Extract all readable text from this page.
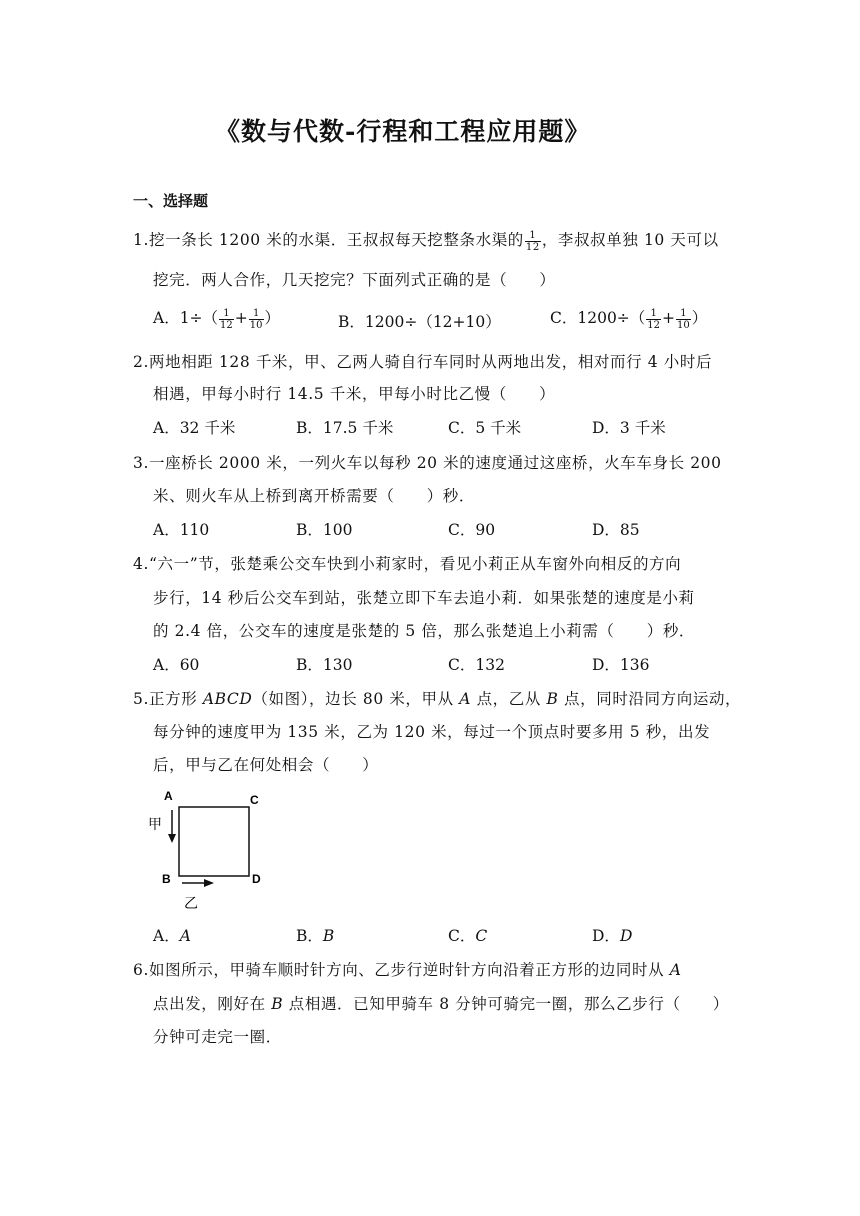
《数与代数-行程和工程应用题》
一、选择题
1.挖一条长 1200 米的水渠．王叔叔每天挖整条水渠的 $\frac{1}{12}$ ，李叔叔单独 10 天可以
挖完．两人合作，几天挖完？下面列式正确的是（　　）
A．$1\div( \frac{1}{12} + \frac{1}{10}$ ）	B．1200÷（12+10）	C．$1200\div( \frac{1}{12} + \frac{1}{10}$ ）
2.两地相距 128 千米，甲、乙两人骑自行车同时从两地出发，相对而行 4 小时后
相遇，甲每小时行 14.5 千米，甲每小时比乙慢（　　）
A．32 千米	B．17.5 千米	C．5 千米	D．3 千米
3.一座桥长 2000 米，一列火车以每秒 20 米的速度通过这座桥，火车车身长 200
米、则火车从上桥到离开桥需要（　　）秒．
A．110	B．100	C．90	D．85
4.“六一”节，张楚乘公交车快到小莉家时，看见小莉正从车窗外向相反的方向
步行，14 秒后公交车到站，张楚立即下车去追小莉．如果张楚的速度是小莉
的 2.4 倍，公交车的速度是张楚的 5 倍，那么张楚追上小莉需（　　）秒．
A．60	B．130	C．132	D．136
5.正方形 ABCD（如图），边长 80 米，甲从 A 点，乙从 B 点，同时沿同方向运动，
每分钟的速度甲为 135 米，乙为 120 米，每过一个顶点时要多用 5 秒，出发
后，甲与乙在何处相会（　　）
A	C
B	D
甲
乙
A．A	B．B	C．C	D．D
6.如图所示，甲骑车顺时针方向、乙步行逆时针方向沿着正方形的边同时从 A
点出发，刚好在 B 点相遇．已知甲骑车 8 分钟可骑完一圈，那么乙步行（　　）
分钟可走完一圈．
